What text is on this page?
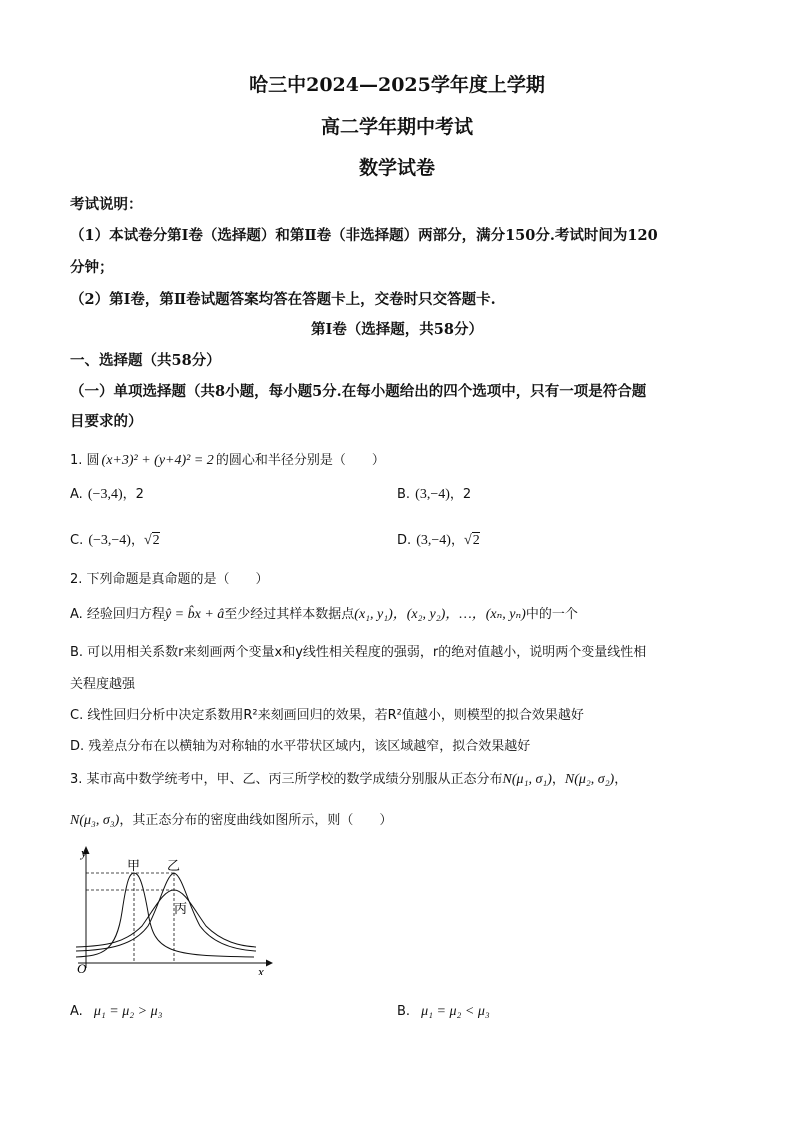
哈三中2024—2025学年度上学期
高二学年期中考试
数学试卷
考试说明：
（1）本试卷分第Ⅰ卷（选择题）和第Ⅱ卷（非选择题）两部分，满分150分.考试时间为120
分钟；
（2）第Ⅰ卷，第Ⅱ卷试题答案均答在答题卡上，交卷时只交答题卡.
第Ⅰ卷（选择题，共58分）
一、选择题（共58分）
（一）单项选择题（共8小题，每小题5分.在每小题给出的四个选项中，只有一项是符合题
目要求的）
1. 圆 (x+3)² + (y+4)² = 2 的圆心和半径分别是（　　）
A. (−3,4)，2	B. (3,−4)，2
C. (−3,−4)，√2	D. (3,−4)，√2
2. 下列命题是真命题的是（　　）
A. 经验回归方程ŷ = b̂x + â至少经过其样本数据点(x₁, y₁)，(x₂, y₂)，…，(xₙ, yₙ)中的一个
B. 可以用相关系数r来刻画两个变量x和y线性相关程度的强弱，r的绝对值越小，说明两个变量线性相
关程度越强
C. 线性回归分析中决定系数用R²来刻画回归的效果，若R²值越小，则模型的拟合效果越好
D. 残差点分布在以横轴为对称轴的水平带状区域内，该区域越窄，拟合效果越好
3. 某市高中数学统考中，甲、乙、丙三所学校的数学成绩分别服从正态分布N(μ₁, σ₁)，N(μ₂, σ₂)，
N(μ₃, σ₃)，其正态分布的密度曲线如图所示，则（　　）
y
x
O
甲 乙
丙
A. μ₁ = μ₂ > μ₃	B. μ₁ = μ₂ < μ₃
